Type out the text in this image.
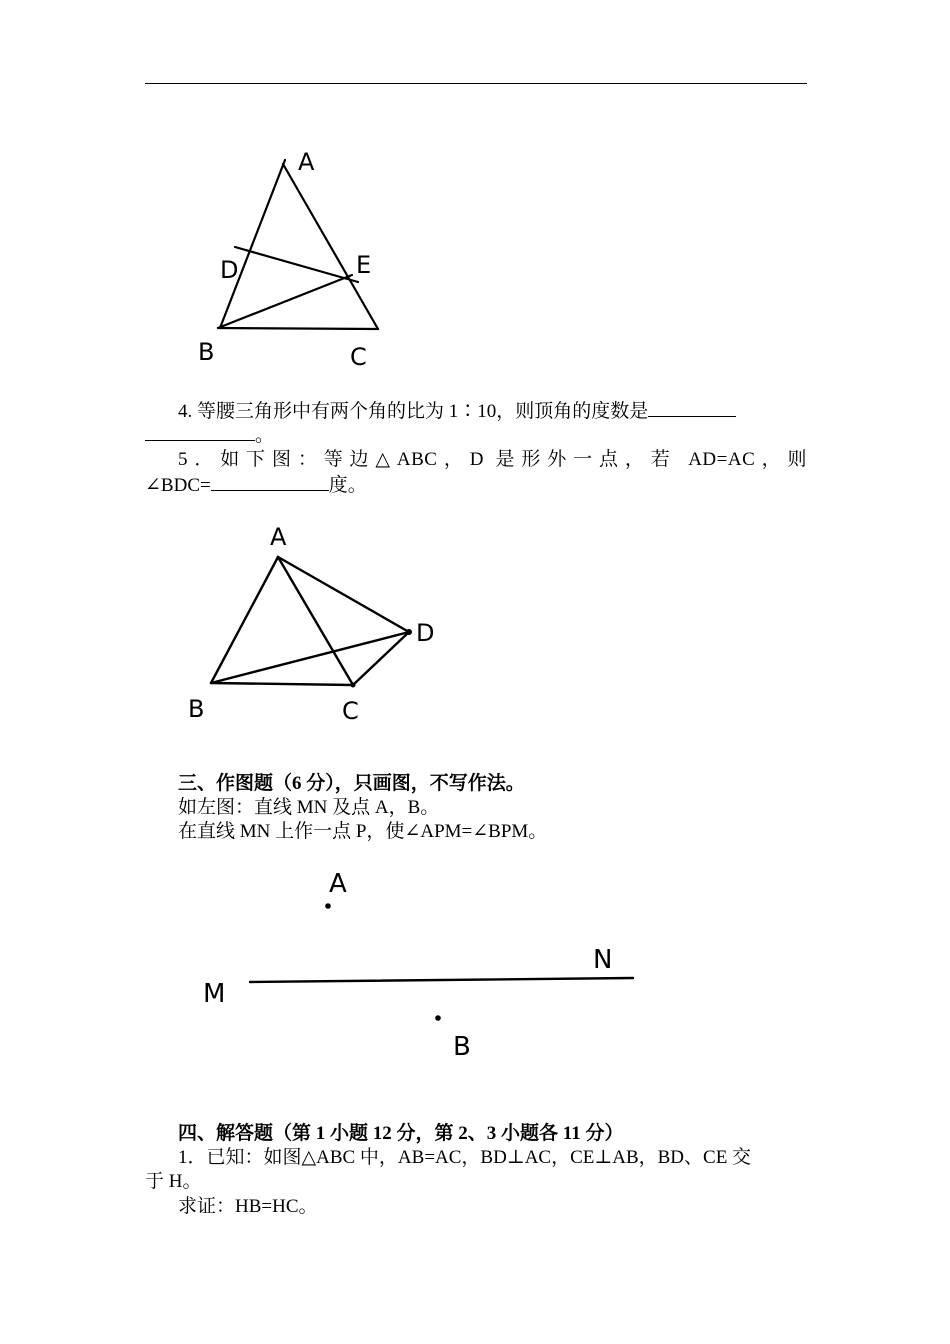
A
B	C
D	E
4. 等腰三角形中有两个角的比为 1∶10，则顶角的度数是
。
5．如下图：等边△ABC，D 是形外一点，若 AD=AC，则
∠BDC=	度。
A
B	C
D
三、作图题（6 分），只画图，不写作法。
如左图：直线 MN 及点 A，B。
在直线 MN 上作一点 P，使∠APM=∠BPM。
A
B
M
N
四、解答题（第 1 小题 12 分，第 2、3 小题各 11 分）
1．已知：如图△ABC 中，AB=AC，BD⊥AC，CE⊥AB，BD、CE 交
于 H。
求证：HB=HC。
